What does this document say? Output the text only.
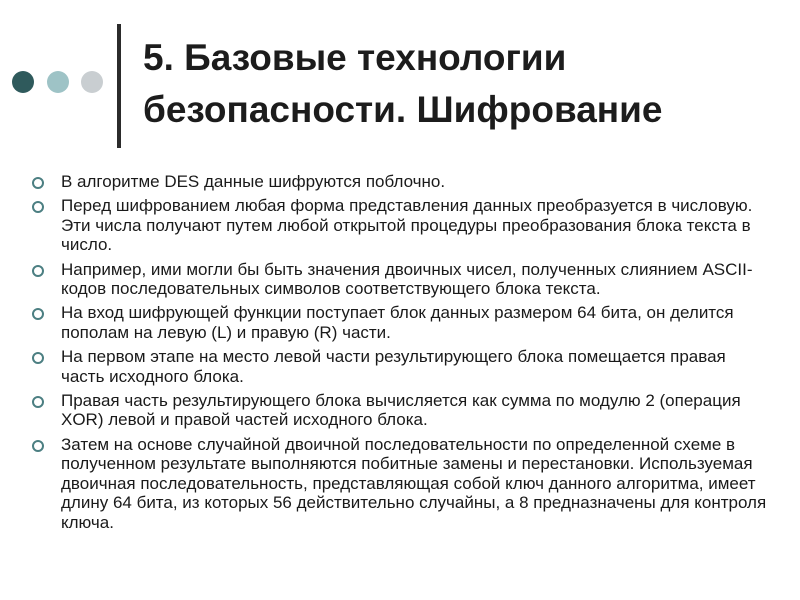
5. Базовые технологии
безопасности. Шифрование
В алгоритме DES данные шифруются поблочно.
Перед шифрованием любая форма представления данных преобразуется в числовую. Эти числа получают путем любой открытой процедуры преобразования блока текста в число.
Например, ими могли бы быть значения двоичных чисел, полученных слиянием ASCII-кодов последовательных символов соответствующего блока текста.
На вход шифрующей функции поступает блок данных размером 64 бита, он делится пополам на левую (L) и правую (R) части.
На первом этапе на место левой части результирующего блока помещается правая часть исходного блока.
Правая часть результирующего блока вычисляется как сумма по модулю 2 (операция XOR) левой и правой частей исходного блока.
Затем на основе случайной двоичной последовательности по определенной схеме в полученном результате выполняются побитные замены и перестановки. Используемая двоичная последовательность, представляющая собой ключ данного алгоритма, имеет длину 64 бита, из которых 56 действительно случайны, а 8 предназначены для контроля ключа.
